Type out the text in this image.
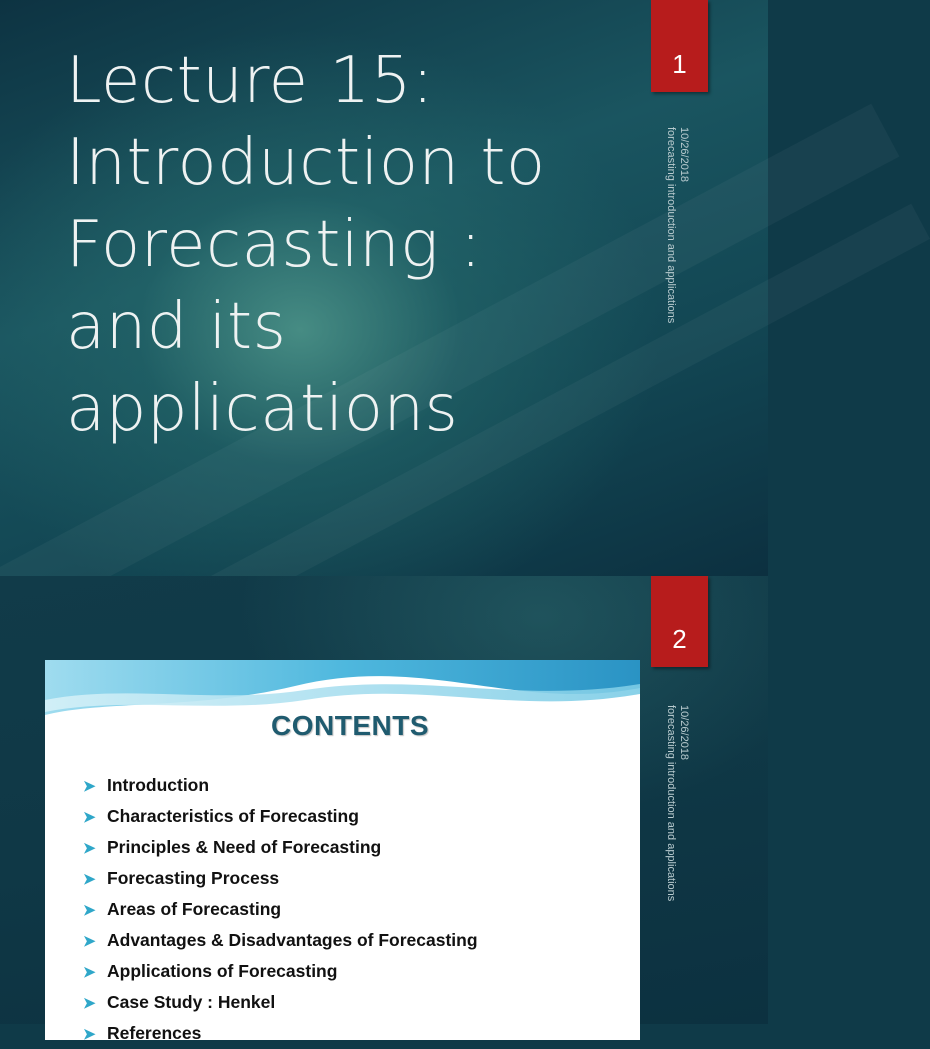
Lecture 15:
Introduction to
Forecasting :
and its
applications
1
10/26/2018
forecasting introduction and applications
2
10/26/2018
forecasting introduction and applications
CONTENTS
➤ Introduction
➤ Characteristics of Forecasting
➤ Principles & Need of Forecasting
➤ Forecasting Process
➤ Areas of Forecasting
➤ Advantages & Disadvantages of Forecasting
➤ Applications of Forecasting
➤ Case Study : Henkel
➤ References
